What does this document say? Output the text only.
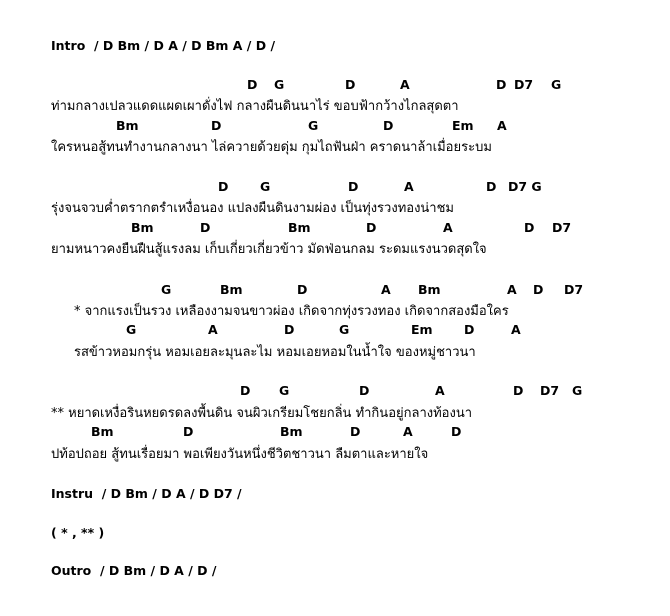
Intro / D Bm / D A / D Bm A / D /
D G	D	A	D D7 G
ท่ามกลางเปลวแดดแผดเผาดั่งไฟ กลางผืนดินนาไร่ ขอบฟ้ากว้างไกลสุดตา
Bm	D	G	D	Em A
ใครหนอสู้ทนทำงานกลางนา ไล่ควายด้วยดุ่ม กุมไถฟันฝ่า คราดนาล้าเมื่อยระบม
D	G	D	A	D D7 G
รุ่งจนจวบค่ำตรากตรำเหงื่อนอง แปลงผืนดินงามผ่อง เป็นทุ่งรวงทองน่าชม
Bm	D	Bm	D	A	D D7
ยามหนาวคงยืนฝืนสู้แรงลม เก็บเกี่ยวเกี่ยวข้าว มัดฟ่อนกลม ระดมแรงนวดสุดใจ
G	Bm	D	A Bm	A D D7
* จากแรงเป็นรวง เหลืองงามจนขาวผ่อง เกิดจากทุ่งรวงทอง เกิดจากสองมือใคร
G	A	D	G	Em	D	A
รสข้าวหอมกรุ่น หอมเอยละมุนละไม หอมเอยหอมในน้ำใจ ของหมู่ชาวนา
D G	D	A	D D7 G
** หยาดเหงื่อรินหยดรดลงพื้นดิน จนผิวเกรียมโชยกลิ่น ทำกินอยู่กลางท้องนา
Bm	D	Bm	D	A	D
ปท้อปถอย สู้ทนเรื่อยมา พอเพียงวันหนึ่งชีวิตชาวนา ลืมตาและหายใจ
Instru / D Bm / D A / D D7 /
( * , ** )
Outro / D Bm / D A / D /
